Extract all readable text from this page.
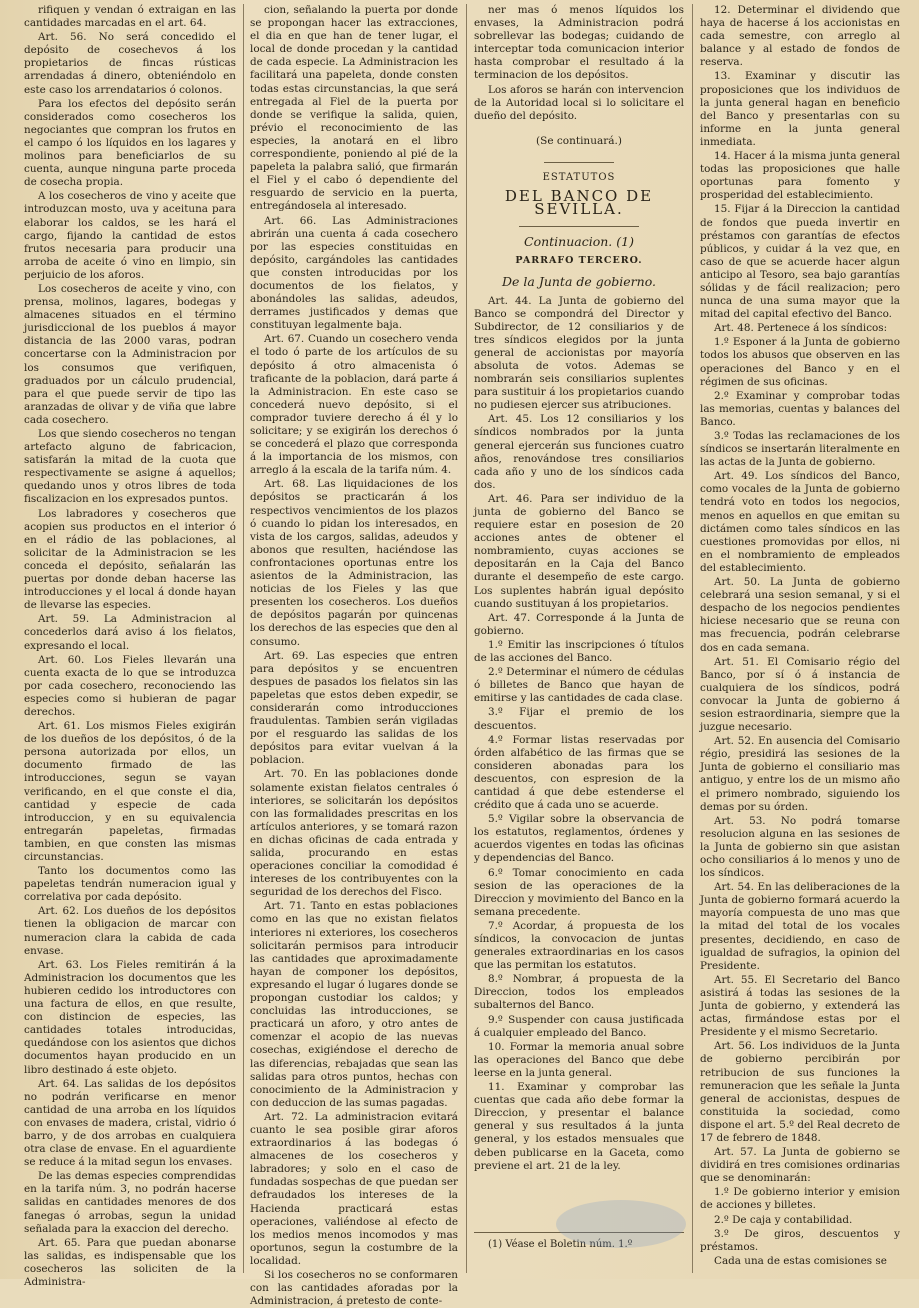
rifiquen y vendan ó extraigan en las cantidades marcadas en el art. 64.

Art. 56. No será concedido el depósito de cosechevos á los propietarios de fincas rústicas arrendadas á dinero, obteniéndolo en este caso los arrendatarios ó colonos.

Para los efectos del depósito serán considerados como cosecheros los negociantes que compran los frutos en el campo ó los líquidos en los lagares y molinos para beneficiarlos de su cuenta, aunque ninguna parte proceda de cosecha propia.

A los cosecheros de vino y aceite que introduzcan mosto, uva y aceituna para elaborar los caldos, se les hará el cargo, fijando la cantidad de estos frutos necesaria para producir una arroba de aceite ó vino en limpio, sin perjuicio de los aforos.

Los cosecheros de aceite y vino, con prensa, molinos, lagares, bodegas y almacenes situados en el término jurisdiccional de los pueblos á mayor distancia de las 2000 varas, podran concertarse con la Administracion por los consumos que verifiquen, graduados por un cálculo prudencial, para el que puede servir de tipo las aranzadas de olivar y de viña que labre cada cosechero.

Los que siendo cosecheros no tengan artefacto alguno de fabricacion, satisfarán la mitad de la cuota que respectivamente se asigne á aquellos; quedando unos y otros libres de toda fiscalizacion en los expresados puntos.

Los labradores y cosecheros que acopien sus productos en el interior ó en el rádio de las poblaciones, al solicitar de la Administracion se les conceda el depósito, señalarán las puertas por donde deban hacerse las introducciones y el local á donde hayan de llevarse las especies.

Art. 59. La Administracion al concederlos dará aviso á los fielatos, expresando el local.

Art. 60. Los Fieles llevarán una cuenta exacta de lo que se introduzca por cada cosechero, reconociendo las especies como si hubieran de pagar derechos.

Art. 61. Los mismos Fieles exigirán de los dueños de los depósitos, ó de la persona autorizada por ellos, un documento firmado de las introducciones, segun se vayan verificando, en el que conste el dia, cantidad y especie de cada introduccion, y en su equivalencia entregarán papeletas, firmadas tambien, en que consten las mismas circunstancias.

Tanto los documentos como las papeletas tendrán numeracion igual y correlativa por cada depósito.

Art. 62. Los dueños de los depósitos tienen la obligacion de marcar con numeracion clara la cabida de cada envase.

Art. 63. Los Fieles remitirán á la Administracion los documentos que les hubieren cedido los introductores con una factura de ellos, en que resulte, con distincion de especies, las cantidades totales introducidas, quedándose con los asientos que dichos documentos hayan producido en un libro destinado á este objeto.

Art. 64. Las salidas de los depósitos no podrán verificarse en menor cantidad de una arroba en los líquidos con envases de madera, cristal, vidrio ó barro, y de dos arrobas en cualquiera otra clase de envase. En el aguardiente se reduce á la mitad segun los envases.

De las demas especies comprendidas en la tarifa núm. 3, no podrán hacerse salidas en cantidades menores de dos fanegas ó arrobas, segun la unidad señalada para la exaccion del derecho.

Art. 65. Para que puedan abonarse las salidas, es indispensable que los cosecheros las soliciten de la Administra-

cion, señalando la puerta por donde se propongan hacer las extracciones, el dia en que han de tener lugar, el local de donde procedan y la cantidad de cada especie. La Administracion les facilitará una papeleta, donde consten todas estas circunstancias, la que será entregada al Fiel de la puerta por donde se verifique la salida, quien, prévio el reconocimiento de las especies, la anotará en el libro correspondiente, poniendo al pié de la papeleta la palabra salió, que firmarán el Fiel y el cabo ó dependiente del resguardo de servicio en la puerta, entregándosela al interesado.

Art. 66. Las Administraciones abrirán una cuenta á cada cosechero por las especies constituidas en depósito, cargándoles las cantidades que consten introducidas por los documentos de los fielatos, y abonándoles las salidas, adeudos, derrames justificados y demas que constituyan legalmente baja.

Art. 67. Cuando un cosechero venda el todo ó parte de los artículos de su depósito á otro almacenista ó traficante de la poblacion, dará parte á la Administracion. En este caso se concederá nuevo depósito, si el comprador tuviere derecho á él y lo solicitare; y se exigirán los derechos ó se concederá el plazo que corresponda á la importancia de los mismos, con arreglo á la escala de la tarifa núm. 4.

Art. 68. Las liquidaciones de los depósitos se practicarán á los respectivos vencimientos de los plazos ó cuando lo pidan los interesados, en vista de los cargos, salidas, adeudos y abonos que resulten, haciéndose las confrontaciones oportunas entre los asientos de la Administracion, las noticias de los Fieles y las que presenten los cosecheros. Los dueños de depósitos pagarán por quincenas los derechos de las especies que den al consumo.

Art. 69. Las especies que entren para depósitos y se encuentren despues de pasados los fielatos sin las papeletas que estos deben expedir, se considerarán como introducciones fraudulentas. Tambien serán vigiladas por el resguardo las salidas de los depósitos para evitar vuelvan á la poblacion.

Art. 70. En las poblaciones donde solamente existan fielatos centrales ó interiores, se solicitarán los depósitos con las formalidades prescritas en los artículos anteriores, y se tomará razon en dichas oficinas de cada entrada y salida, procurando en estas operaciones conciliar la comodidad é intereses de los contribuyentes con la seguridad de los derechos del Fisco.

Art. 71. Tanto en estas poblaciones como en las que no existan fielatos interiores ni exteriores, los cosecheros solicitarán permisos para introducir las cantidades que aproximadamente hayan de componer los depósitos, expresando el lugar ó lugares donde se propongan custodiar los caldos; y concluidas las introducciones, se practicará un aforo, y otro antes de comenzar el acopio de las nuevas cosechas, exigiéndose el derecho de las diferencias, rebajadas que sean las salidas para otros puntos, hechas con conocimiento de la Administracion y con deduccion de las sumas pagadas.

Art. 72. La administracion evitará cuanto le sea posible girar aforos extraordinarios á las bodegas ó almacenes de los cosecheros y labradores; y solo en el caso de fundadas sospechas de que puedan ser defraudados los intereses de la Hacienda practicará estas operaciones, valiéndose al efecto de los medios menos incomodos y mas oportunos, segun la costumbre de la localidad.

Si los cosecheros no se conformaren con las cantidades aforadas por la Administracion, á pretesto de conte-

ner mas ó menos líquidos los envases, la Administracion podrá sobrellevar las bodegas; cuidando de interceptar toda comunicacion interior hasta comprobar el resultado á la terminacion de los depósitos.

Los aforos se harán con intervencion de la Autoridad local si lo solicitare el dueño del depósito.

(Se continuará.)
ESTATUTOS
DEL BANCO DE SEVILLA.
Continuacion. (1)
PARRAFO TERCERO.
De la Junta de gobierno.

Art. 44. La Junta de gobierno del Banco se compondrá del Director y Subdirector, de 12 consiliarios y de tres síndicos elegidos por la junta general de accionistas por mayoría absoluta de votos. Ademas se nombrarán seis consiliarios suplentes para sustituir á los propietarios cuando no pudiesen ejercer sus atribuciones.

Art. 45. Los 12 consiliarios y los síndicos nombrados por la junta general ejercerán sus funciones cuatro años, renovándose tres consiliarios cada año y uno de los síndicos cada dos.

Art. 46. Para ser individuo de la junta de gobierno del Banco se requiere estar en posesion de 20 acciones antes de obtener el nombramiento, cuyas acciones se depositarán en la Caja del Banco durante el desempeño de este cargo. Los suplentes habrán igual depósito cuando sustituyan á los propietarios.

Art. 47. Corresponde á la Junta de gobierno.

1.º Emitir las inscripciones ó títulos de las acciones del Banco.

2.º Determinar el número de cédulas ó billetes de Banco que hayan de emitirse y las cantidades de cada clase.

3.º Fijar el premio de los descuentos.

4.º Formar listas reservadas por órden alfabético de las firmas que se consideren abonadas para los descuentos, con espresion de la cantidad á que debe estenderse el crédito que á cada uno se acuerde.

5.º Vigilar sobre la observancia de los estatutos, reglamentos, órdenes y acuerdos vigentes en todas las oficinas y dependencias del Banco.

6.º Tomar conocimiento en cada sesion de las operaciones de la Direccion y movimiento del Banco en la semana precedente.

7.º Acordar, á propuesta de los síndicos, la convocacion de juntas generales extraordinarias en los casos que las permitan los estatutos.

8.º Nombrar, á propuesta de la Direccion, todos los empleados subalternos del Banco.

9.º Suspender con causa justificada á cualquier empleado del Banco.

10. Formar la memoria anual sobre las operaciones del Banco que debe leerse en la junta general.

11. Examinar y comprobar las cuentas que cada año debe formar la Direccion, y presentar el balance general y sus resultados á la junta general, y los estados mensuales que deben publicarse en la Gaceta, como previene el art. 21 de la ley.

(1) Véase el Boletin núm. 1.º

12. Determinar el dividendo que haya de hacerse á los accionistas en cada semestre, con arreglo al balance y al estado de fondos de reserva.

13. Examinar y discutir las proposiciones que los individuos de la junta general hagan en beneficio del Banco y presentarlas con su informe en la junta general inmediata.

14. Hacer á la misma junta general todas las proposiciones que halle oportunas para fomento y prosperidad del establecimiento.

15. Fijar á la Direccion la cantidad de fondos que pueda invertir en préstamos con garantías de efectos públicos, y cuidar á la vez que, en caso de que se acuerde hacer algun anticipo al Tesoro, sea bajo garantías sólidas y de fácil realizacion; pero nunca de una suma mayor que la mitad del capital efectivo del Banco.

Art. 48. Pertenece á los síndicos:

1.º Esponer á la Junta de gobierno todos los abusos que observen en las operaciones del Banco y en el régimen de sus oficinas.

2.º Examinar y comprobar todas las memorias, cuentas y balances del Banco.

3.º Todas las reclamaciones de los síndicos se insertarán literalmente en las actas de la Junta de gobierno.

Art. 49. Los síndicos del Banco, como vocales de la Junta de gobierno tendrá voto en todos los negocios, menos en aquellos en que emitan su dictámen como tales síndicos en las cuestiones promovidas por ellos, ni en el nombramiento de empleados del establecimiento.

Art. 50. La Junta de gobierno celebrará una sesion semanal, y si el despacho de los negocios pendientes hiciese necesario que se reuna con mas frecuencia, podrán celebrarse dos en cada semana.

Art. 51. El Comisario régio del Banco, por sí ó á instancia de cualquiera de los síndicos, podrá convocar la Junta de gobierno á sesion estraordinaria, siempre que la juzgue necesario.

Art. 52. En ausencia del Comisario régio, presidirá las sesiones de la Junta de gobierno el consiliario mas antiguo, y entre los de un mismo año el primero nombrado, siguiendo los demas por su órden.

Art. 53. No podrá tomarse resolucion alguna en las sesiones de la Junta de gobierno sin que asistan ocho consiliarios á lo menos y uno de los síndicos.

Art. 54. En las deliberaciones de la Junta de gobierno formará acuerdo la mayoría compuesta de uno mas que la mitad del total de los vocales presentes, decidiendo, en caso de igualdad de sufragios, la opinion del Presidente.

Art. 55. El Secretario del Banco asistirá á todas las sesiones de la Junta de gobierno, y extenderá las actas, firmándose estas por el Presidente y el mismo Secretario.

Art. 56. Los individuos de la Junta de gobierno percibirán por retribucion de sus funciones la remuneracion que les señale la Junta general de accionistas, despues de constituida la sociedad, como dispone el art. 5.º del Real decreto de 17 de febrero de 1848.

Art. 57. La Junta de gobierno se dividirá en tres comisiones ordinarias que se denominarán:

1.º De gobierno interior y emision de acciones y billetes.

2.º De caja y contabilidad.

3.º De giros, descuentos y préstamos.

Cada una de estas comisiones se
